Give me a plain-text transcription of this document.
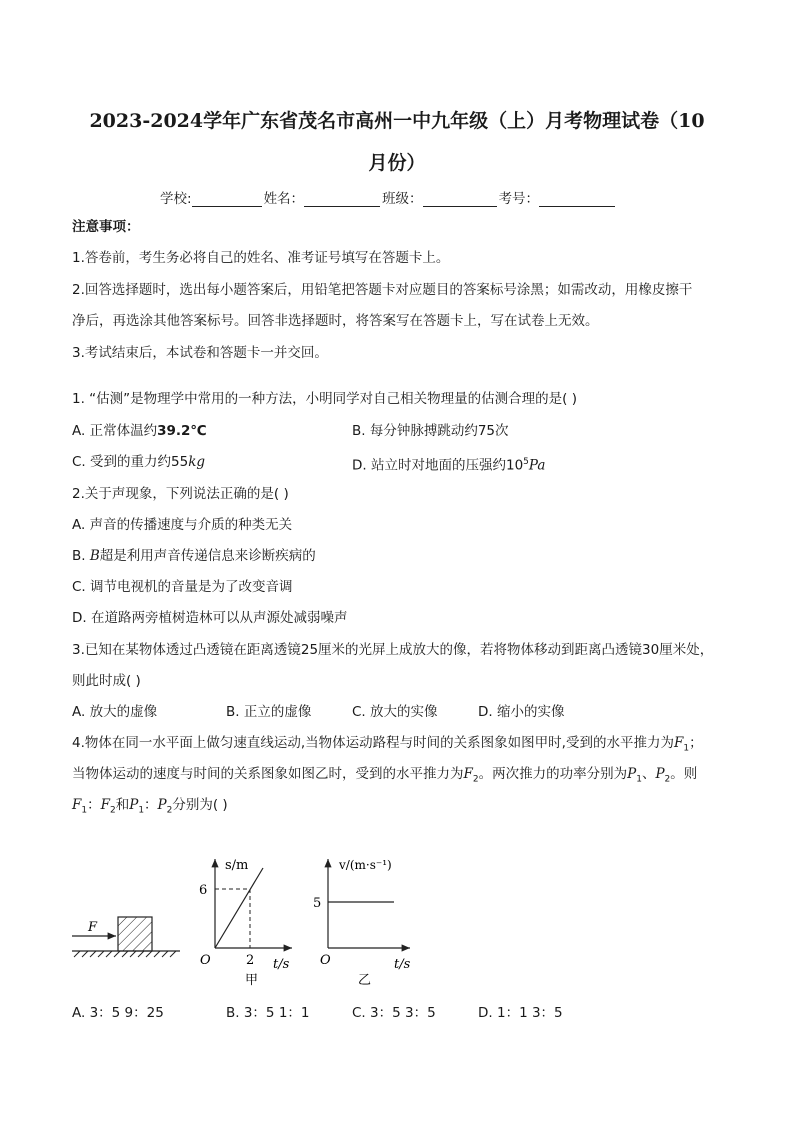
2023-2024学年广东省茂名市高州一中九年级（上）月考物理试卷（10
月份）
学校:	姓名：	班级：	考号：
注意事项：
1.答卷前，考生务必将自己的姓名、准考证号填写在答题卡上。
2.回答选择题时，选出每小题答案后，用铅笔把答题卡对应题目的答案标号涂黑；如需改动，用橡皮擦干
净后，再选涂其他答案标号。回答非选择题时，将答案写在答题卡上，写在试卷上无效。
3.考试结束后，本试卷和答题卡一并交回。
1. “估测”是物理学中常用的一种方法，小明同学对自己相关物理量的估测合理的是( )
A. 正常体温约39.2℃	B. 每分钟脉搏跳动约75次
C. 受到的重力约55kg	D. 站立时对地面的压强约$10^5Pa$
2.关于声现象，下列说法正确的是( )
A. 声音的传播速度与介质的种类无关
B. B超是利用声音传递信息来诊断疾病的
C. 调节电视机的音量是为了改变音调
D. 在道路两旁植树造林可以从声源处减弱噪声
3.已知在某物体透过凸透镜在距离透镜25厘米的光屏上成放大的像，若将物体移动到距离凸透镜30厘米处，
则此时成( )
A. 放大的虚像	B. 正立的虚像	C. 放大的实像	D. 缩小的实像
4.物体在同一水平面上做匀速直线运动,当物体运动路程与时间的关系图象如图甲时,受到的水平推力为$F_1$；
当物体运动的速度与时间的关系图象如图乙时，受到的水平推力为$F_2$。两次推力的功率分别为$P_1$、$P_2$。则
$F_1$：$F_2$和$P_1$：$P_2$分别为( )
F
s/m
t/s
O
6
2
甲
v/(m·s⁻¹)
t/s
O
5
乙
A. 3：5 9：25	B. 3：5 1：1	C. 3：5 3：5	D. 1：1 3：5
